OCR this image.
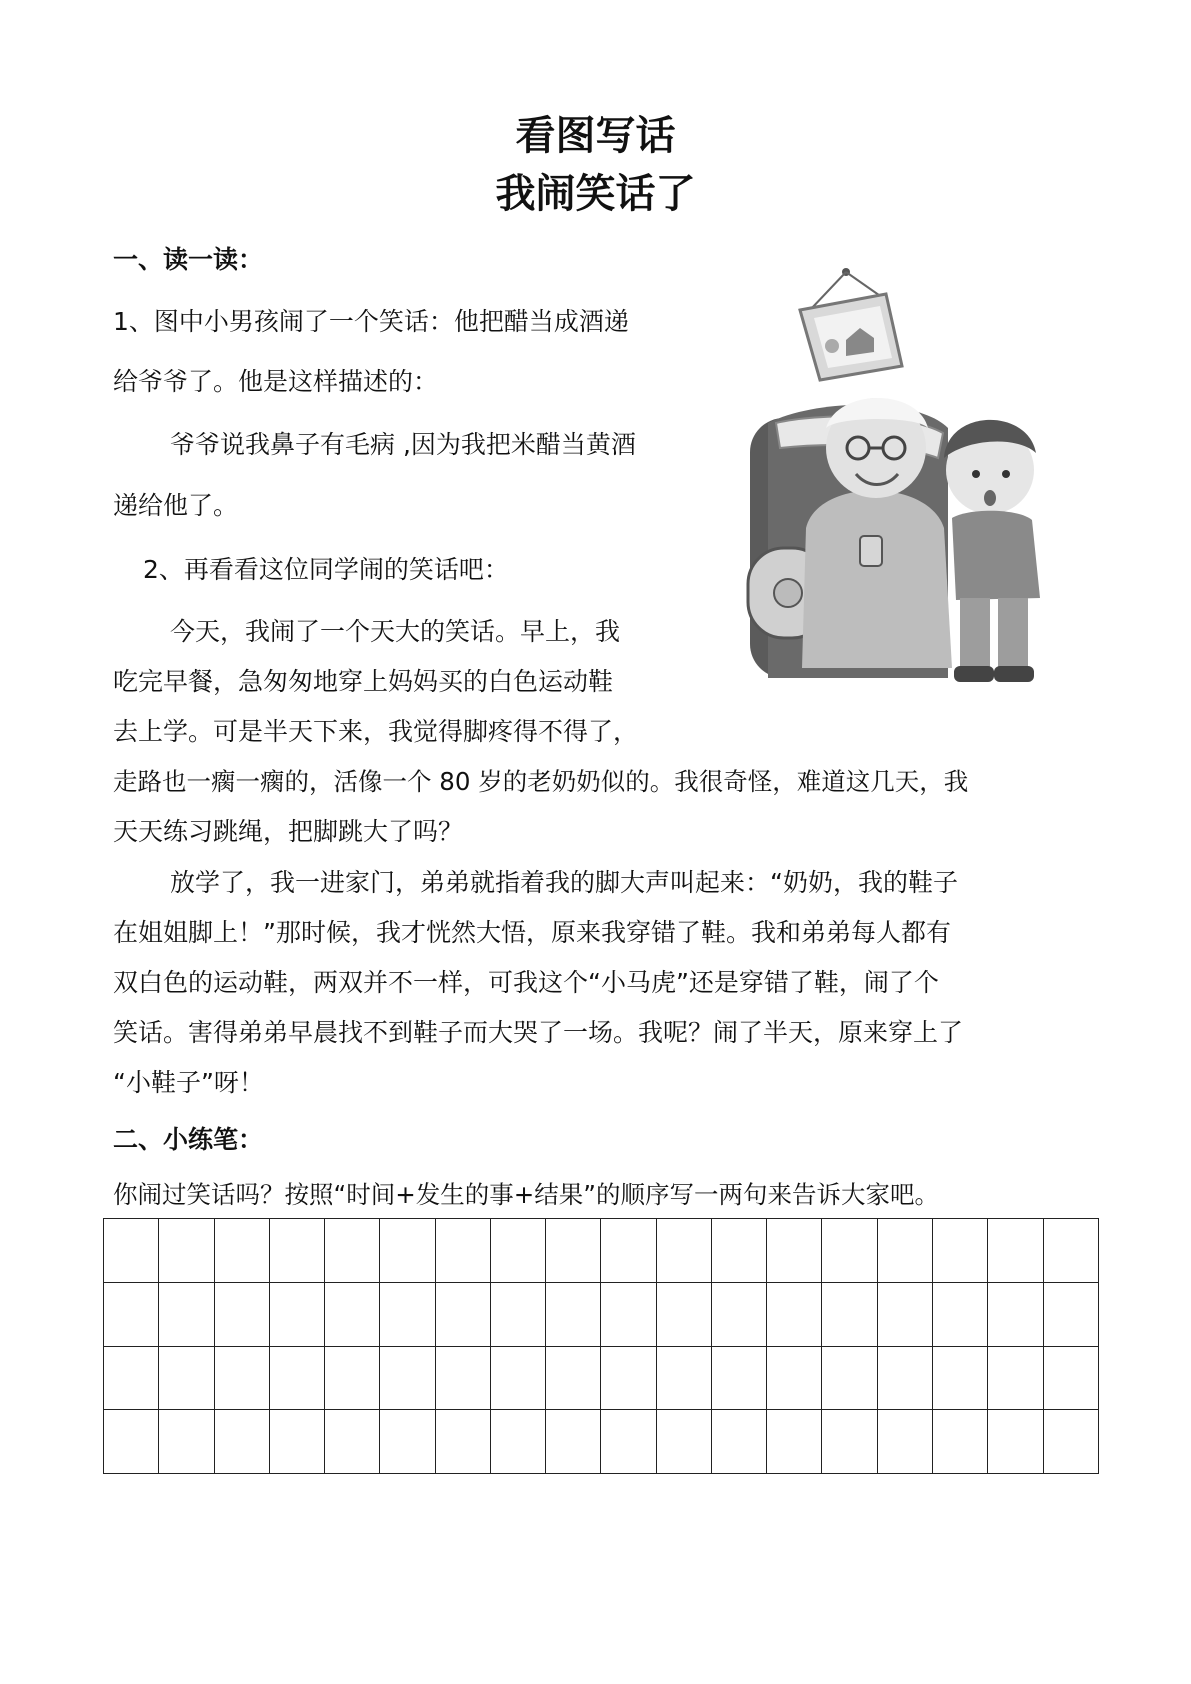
看图写话
我闹笑话了
一、读一读：
1、图中小男孩闹了一个笑话：他把醋当成酒递
给爷爷了。他是这样描述的：
爷爷说我鼻子有毛病 ,因为我把米醋当黄酒
递给他了。
2、再看看这位同学闹的笑话吧：
今天，我闹了一个天大的笑话。早上，我
吃完早餐，急匆匆地穿上妈妈买的白色运动鞋
去上学。可是半天下来，我觉得脚疼得不得了，
走路也一瘸一瘸的，活像一个 80 岁的老奶奶似的。我很奇怪，难道这几天，我
天天练习跳绳，把脚跳大了吗？
放学了，我一进家门，弟弟就指着我的脚大声叫起来：“奶奶，我的鞋子
在姐姐脚上！”那时候，我才恍然大悟，原来我穿错了鞋。我和弟弟每人都有
双白色的运动鞋，两双并不一样，可我这个“小马虎”还是穿错了鞋，闹了个
笑话。害得弟弟早晨找不到鞋子而大哭了一场。我呢？闹了半天，原来穿上了
“小鞋子”呀！
二、小练笔：
你闹过笑话吗？按照“时间+发生的事+结果”的顺序写一两句来告诉大家吧。
